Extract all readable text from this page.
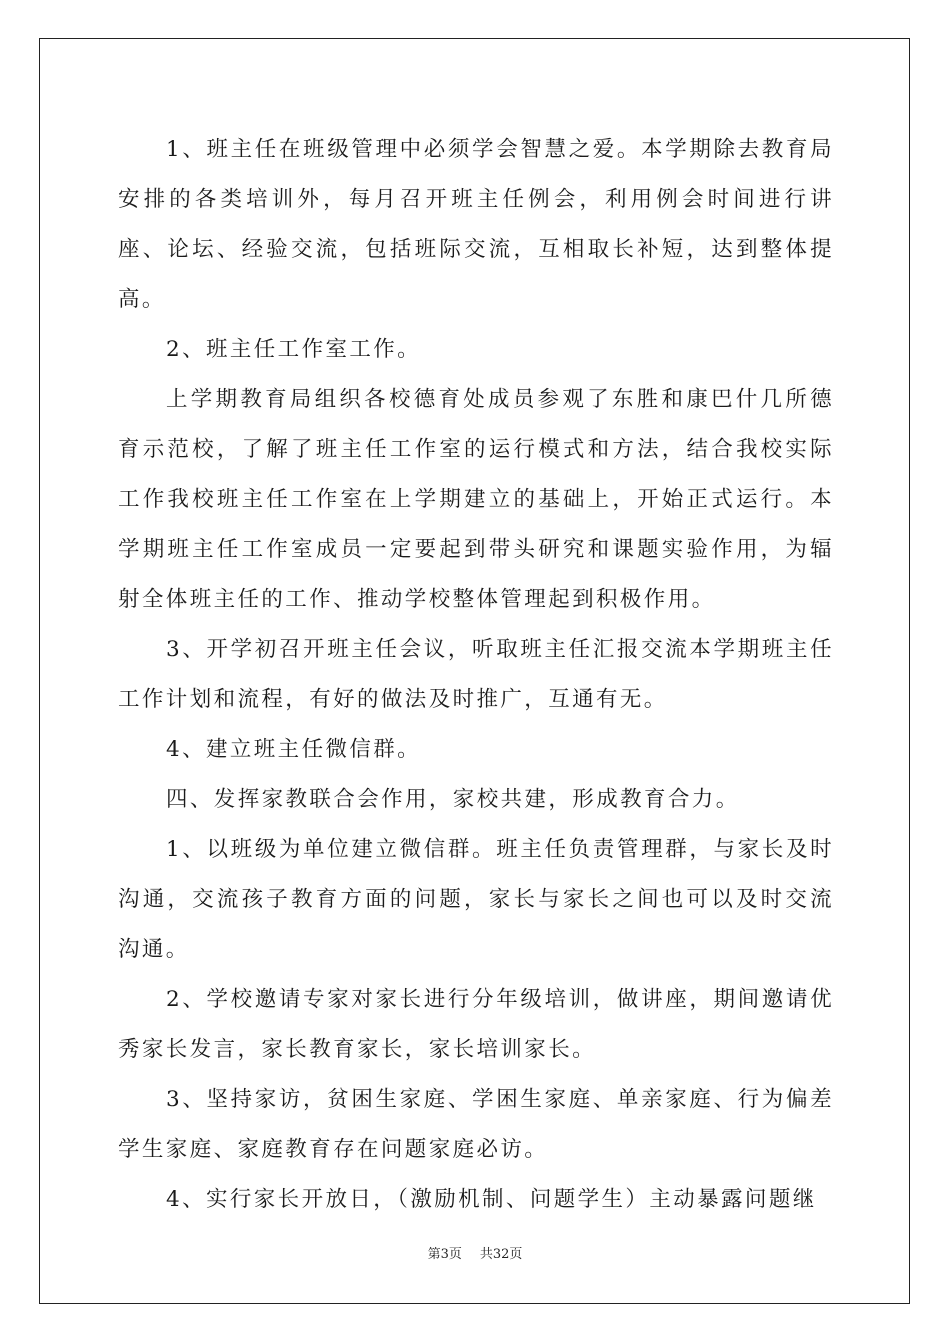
1、班主任在班级管理中必须学会智慧之爱。本学期除去教育局安排的各类培训外，每月召开班主任例会，利用例会时间进行讲座、论坛、经验交流，包括班际交流，互相取长补短，达到整体提高。

2、班主任工作室工作。

上学期教育局组织各校德育处成员参观了东胜和康巴什几所德育示范校，了解了班主任工作室的运行模式和方法，结合我校实际工作我校班主任工作室在上学期建立的基础上，开始正式运行。本学期班主任工作室成员一定要起到带头研究和课题实验作用，为辐射全体班主任的工作、推动学校整体管理起到积极作用。

3、开学初召开班主任会议，听取班主任汇报交流本学期班主任工作计划和流程，有好的做法及时推广，互通有无。

4、建立班主任微信群。

四、发挥家教联合会作用，家校共建，形成教育合力。

1、以班级为单位建立微信群。班主任负责管理群，与家长及时沟通，交流孩子教育方面的问题，家长与家长之间也可以及时交流沟通。

2、学校邀请专家对家长进行分年级培训，做讲座，期间邀请优秀家长发言，家长教育家长，家长培训家长。

3、坚持家访，贫困生家庭、学困生家庭、单亲家庭、行为偏差学生家庭、家庭教育存在问题家庭必访。

4、实行家长开放日，（激励机制、问题学生）主动暴露问题继

第3页 共32页
